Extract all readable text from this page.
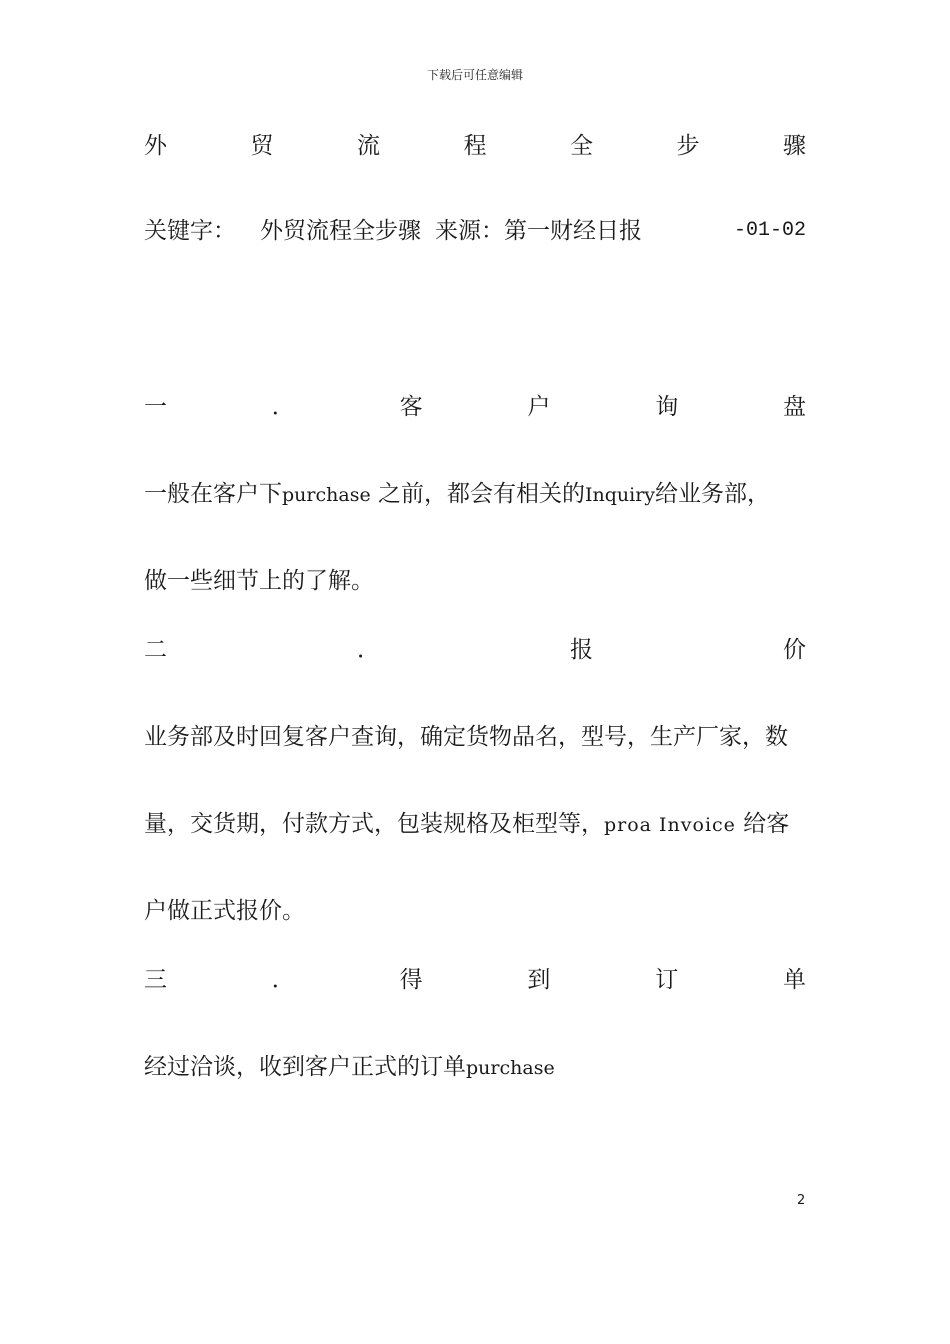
下载后可任意编辑
外	贸	流	程	全	步	骤
关键字： 外贸流程全步骤 来源：第一财经日报	-01-02
一	．	客	户	询	盘
一般在客户下purchase 之前，都会有相关的Inquiry给业务部，
做一些细节上的了解。
二	．	报	价
业务部及时回复客户查询，确定货物品名，型号，生产厂家，数
量，交货期，付款方式，包装规格及柜型等，proa Invoice 给客
户做正式报价。
三	．	得	到	订	单
经过洽谈，收到客户正式的订单purchase
2
